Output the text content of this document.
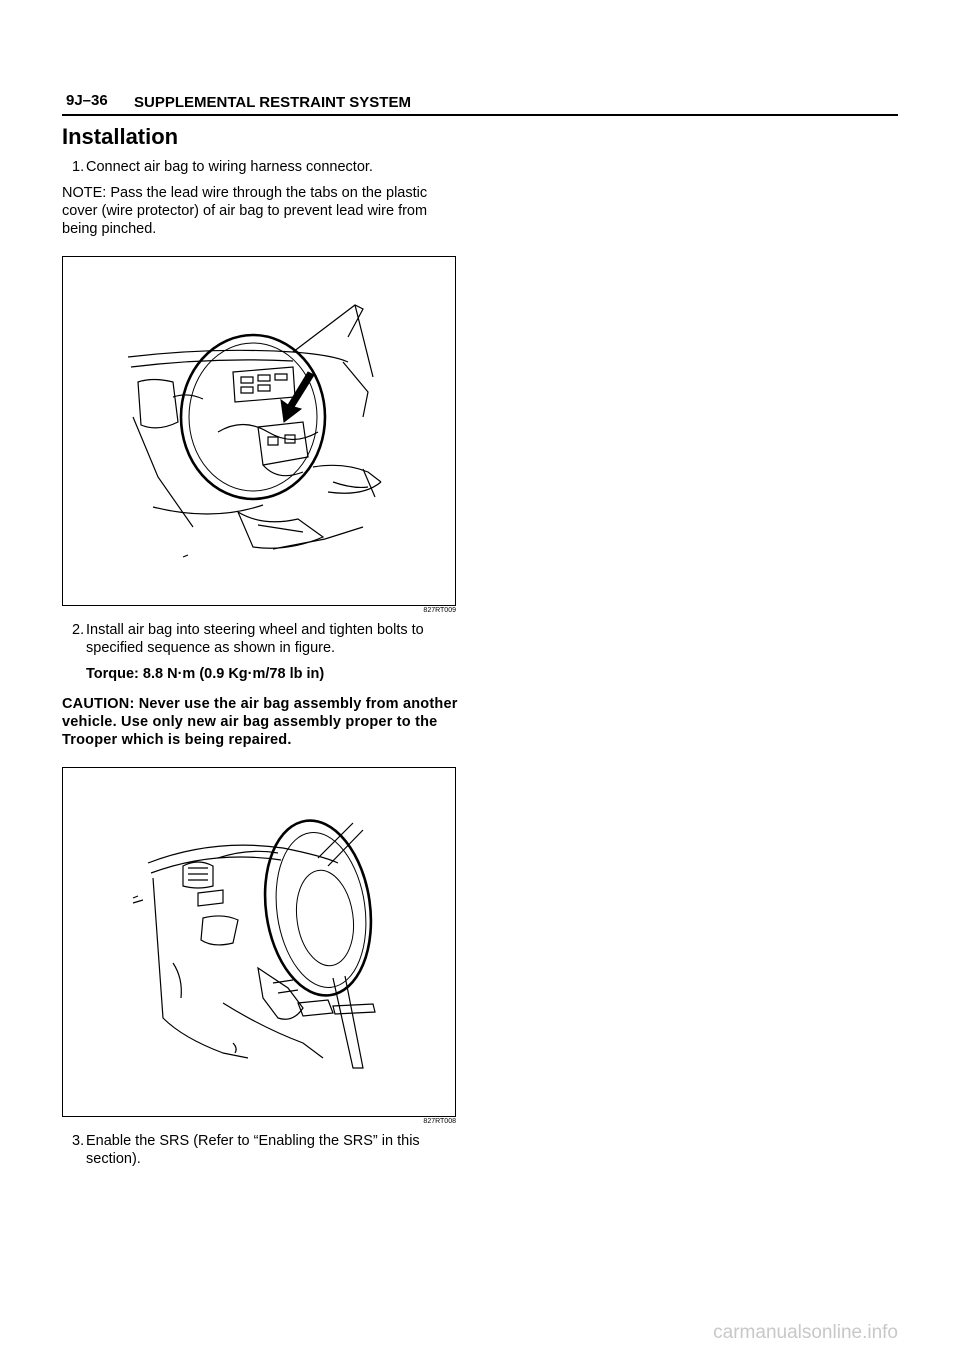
9J–36 SUPPLEMENTAL RESTRAINT SYSTEM
Installation

1. Connect air bag to wiring harness connector.

NOTE: Pass the lead wire through the tabs on the plastic cover (wire protector) of air bag to prevent lead wire from being pinched.

827RT009

2. Install air bag into steering wheel and tighten bolts to specified sequence as shown in figure.

Torque: 8.8 N·m (0.9 Kg·m/78 lb in)

CAUTION: Never use the air bag assembly from another vehicle. Use only new air bag assembly proper to the Trooper which is being repaired.

827RT008

3. Enable the SRS (Refer to “Enabling the SRS” in this section).

carmanualsonline.info
